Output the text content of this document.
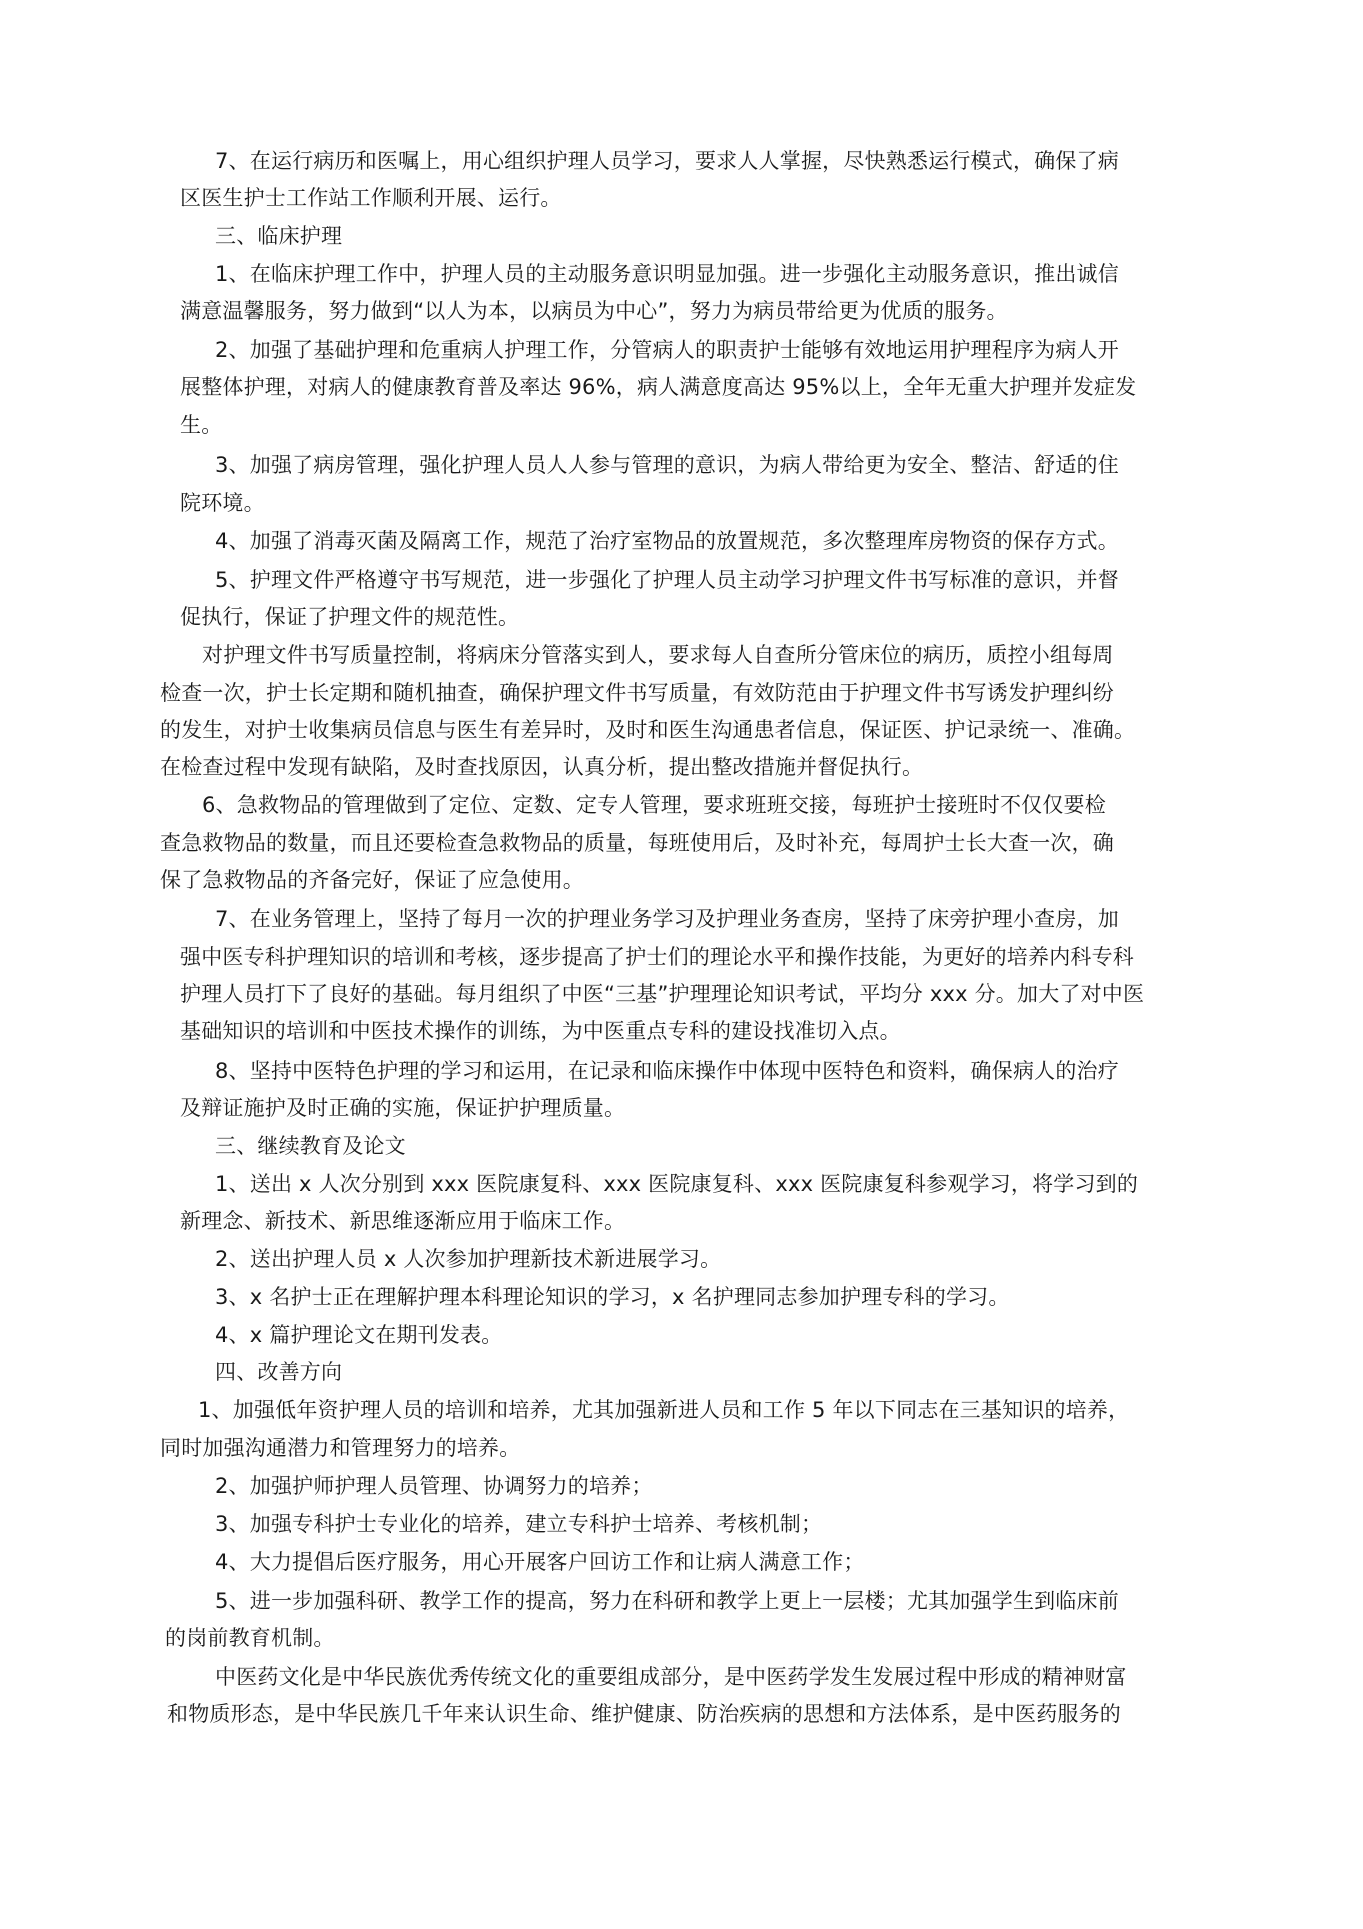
7、在运行病历和医嘱上，用心组织护理人员学习，要求人人掌握，尽快熟悉运行模式，确保了病
区医生护士工作站工作顺利开展、运行。
三、临床护理
1、在临床护理工作中，护理人员的主动服务意识明显加强。进一步强化主动服务意识，推出诚信
满意温馨服务，努力做到“以人为本，以病员为中心”，努力为病员带给更为优质的服务。
2、加强了基础护理和危重病人护理工作，分管病人的职责护士能够有效地运用护理程序为病人开
展整体护理，对病人的健康教育普及率达 96%，病人满意度高达 95%以上，全年无重大护理并发症发
生。
3、加强了病房管理，强化护理人员人人参与管理的意识，为病人带给更为安全、整洁、舒适的住
院环境。
4、加强了消毒灭菌及隔离工作，规范了治疗室物品的放置规范，多次整理库房物资的保存方式。
5、护理文件严格遵守书写规范，进一步强化了护理人员主动学习护理文件书写标准的意识，并督
促执行，保证了护理文件的规范性。
对护理文件书写质量控制，将病床分管落实到人，要求每人自查所分管床位的病历，质控小组每周
检查一次，护士长定期和随机抽查，确保护理文件书写质量，有效防范由于护理文件书写诱发护理纠纷
的发生，对护士收集病员信息与医生有差异时，及时和医生沟通患者信息，保证医、护记录统一、准确。
在检查过程中发现有缺陷，及时查找原因，认真分析，提出整改措施并督促执行。
6、急救物品的管理做到了定位、定数、定专人管理，要求班班交接，每班护士接班时不仅仅要检
查急救物品的数量，而且还要检查急救物品的质量，每班使用后，及时补充，每周护士长大查一次，确
保了急救物品的齐备完好，保证了应急使用。
7、在业务管理上，坚持了每月一次的护理业务学习及护理业务查房，坚持了床旁护理小查房，加
强中医专科护理知识的培训和考核，逐步提高了护士们的理论水平和操作技能，为更好的培养内科专科
护理人员打下了良好的基础。每月组织了中医“三基”护理理论知识考试，平均分 xxx 分。加大了对中医
基础知识的培训和中医技术操作的训练，为中医重点专科的建设找准切入点。
8、坚持中医特色护理的学习和运用，在记录和临床操作中体现中医特色和资料，确保病人的治疗
及辩证施护及时正确的实施，保证护护理质量。
三、继续教育及论文
1、送出 x 人次分别到 xxx 医院康复科、xxx 医院康复科、xxx 医院康复科参观学习，将学习到的
新理念、新技术、新思维逐渐应用于临床工作。
2、送出护理人员 x 人次参加护理新技术新进展学习。
3、x 名护士正在理解护理本科理论知识的学习，x 名护理同志参加护理专科的学习。
4、x 篇护理论文在期刊发表。
四、改善方向
1、加强低年资护理人员的培训和培养，尤其加强新进人员和工作 5 年以下同志在三基知识的培养，
同时加强沟通潜力和管理努力的培养。
2、加强护师护理人员管理、协调努力的培养；
3、加强专科护士专业化的培养，建立专科护士培养、考核机制；
4、大力提倡后医疗服务，用心开展客户回访工作和让病人满意工作；
5、进一步加强科研、教学工作的提高，努力在科研和教学上更上一层楼；尤其加强学生到临床前
的岗前教育机制。
中医药文化是中华民族优秀传统文化的重要组成部分，是中医药学发生发展过程中形成的精神财富
和物质形态，是中华民族几千年来认识生命、维护健康、防治疾病的思想和方法体系，是中医药服务的
